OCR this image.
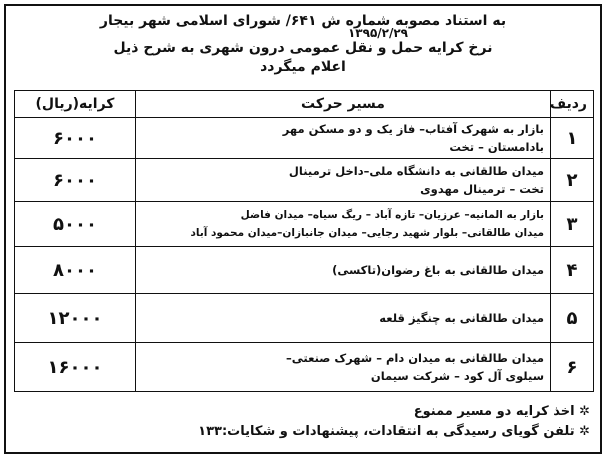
به استناد مصوبه شماره ش ۶۴۱/ شورای اسلامی شهر بیجار
۱۳۹۵/۲/۲۹
نرخ کرایه حمل و نقل عمومی درون شهری به شرح ذیل
اعلام میگردد
ردیف	مسیر حرکت	کرایه(ریال)
۱	بازار به شهرک آفتاب– فاز یک و دو مسکن مهر
بادامستان – تخت	۶۰۰۰
۲	میدان طالقانی به دانشگاه ملی–داخل ترمینال
تخت – ترمینال مهدوی	۶۰۰۰
۳	بازار به المانیه– عرزیان– تازه آباد – ریگ سیاه– میدان فاضل
میدان طالقانی– بلوار شهید رجایی– میدان جانبازان–میدان محمود آباد	۵۰۰۰
۴	میدان طالقانی به باغ رضوان(تاکسی)	۸۰۰۰
۵	میدان طالقانی به چنگیز قلعه	۱۲۰۰۰
۶	میدان طالقانی به میدان دام – شهرک صنعتی–
سیلوی آل کود – شرکت سیمان	۱۶۰۰۰
✲ اخذ کرایه دو مسیر ممنوع
✲ تلفن گویای رسیدگی به انتقادات، پیشنهادات و شکایات:۱۳۳
